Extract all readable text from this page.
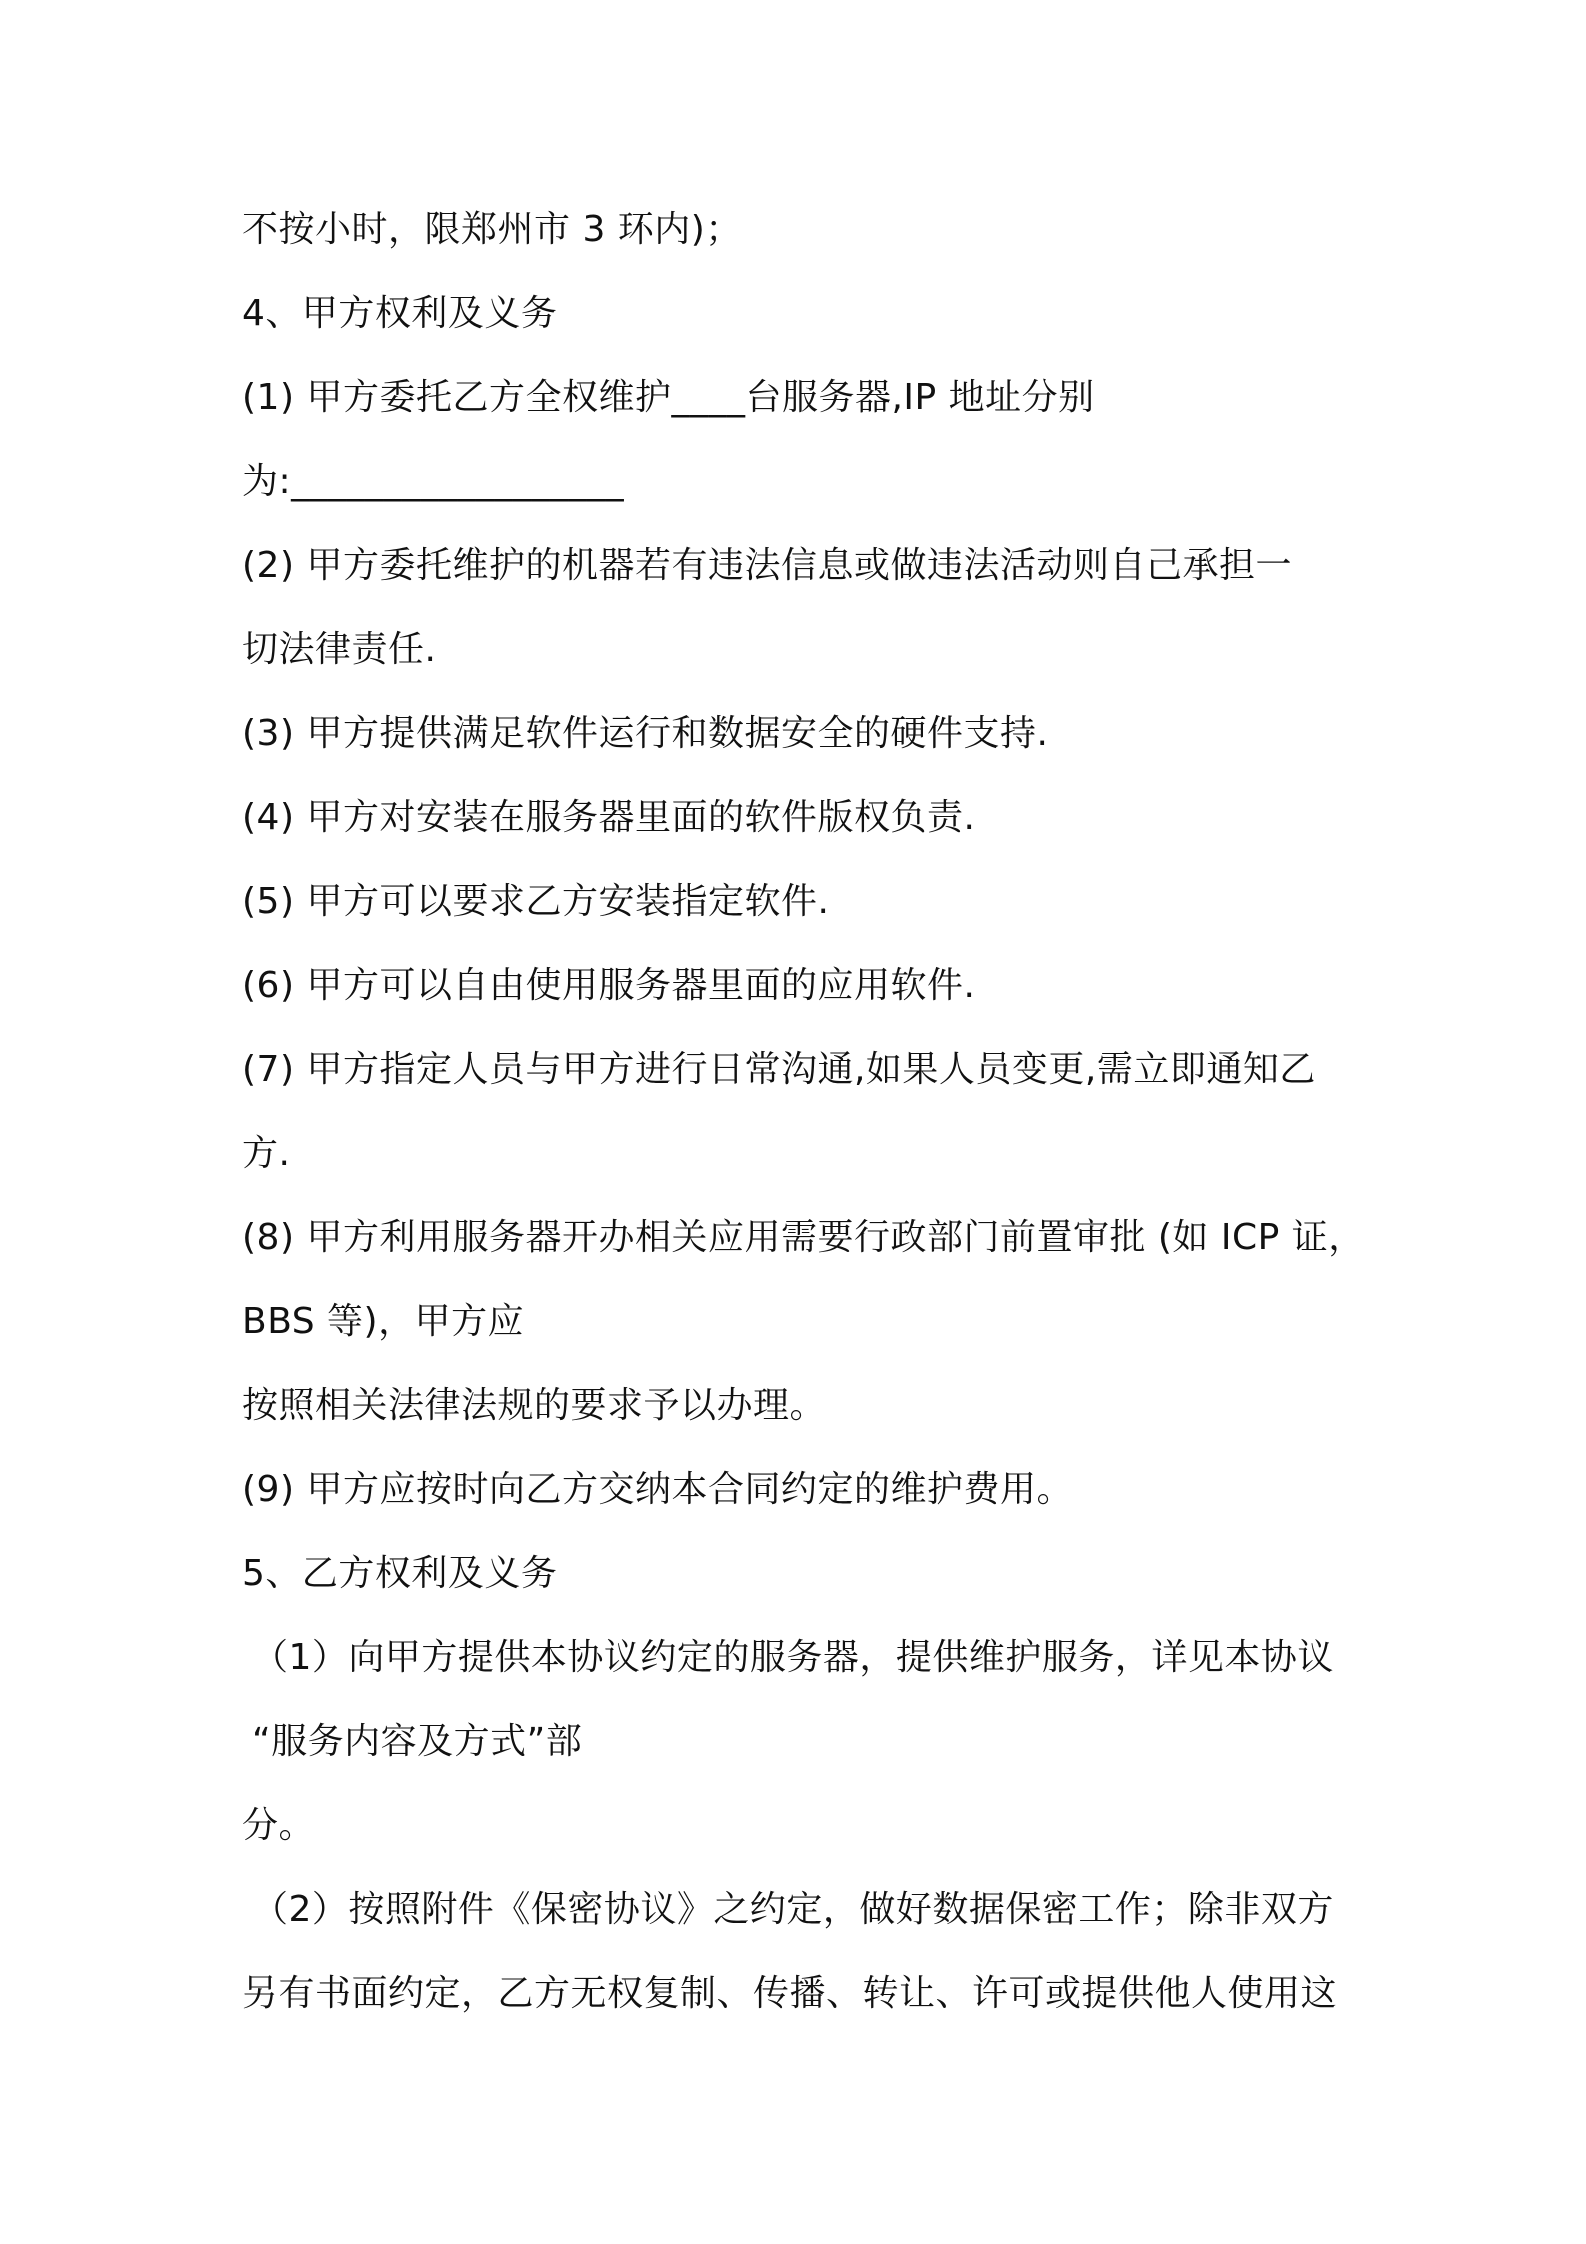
不按小时，限郑州市 3 环内)；
4、甲方权利及义务
(1) 甲方委托乙方全权维护____台服务器,IP 地址分别
为:__________________
(2) 甲方委托维护的机器若有违法信息或做违法活动则自己承担一
切法律责任.
(3) 甲方提供满足软件运行和数据安全的硬件支持.
(4) 甲方对安装在服务器里面的软件版权负责.
(5) 甲方可以要求乙方安装指定软件.
(6) 甲方可以自由使用服务器里面的应用软件.
(7) 甲方指定人员与甲方进行日常沟通,如果人员变更,需立即通知乙
方.
(8) 甲方利用服务器开办相关应用需要行政部门前置审批 (如 ICP 证，
BBS 等)，甲方应
按照相关法律法规的要求予以办理。
(9) 甲方应按时向乙方交纳本合同约定的维护费用。
5、乙方权利及义务
（1）向甲方提供本协议约定的服务器，提供维护服务，详见本协议
“服务内容及方式”部
分。
（2）按照附件《保密协议》之约定，做好数据保密工作；除非双方
另有书面约定，乙方无权复制、传播、转让、许可或提供他人使用这
